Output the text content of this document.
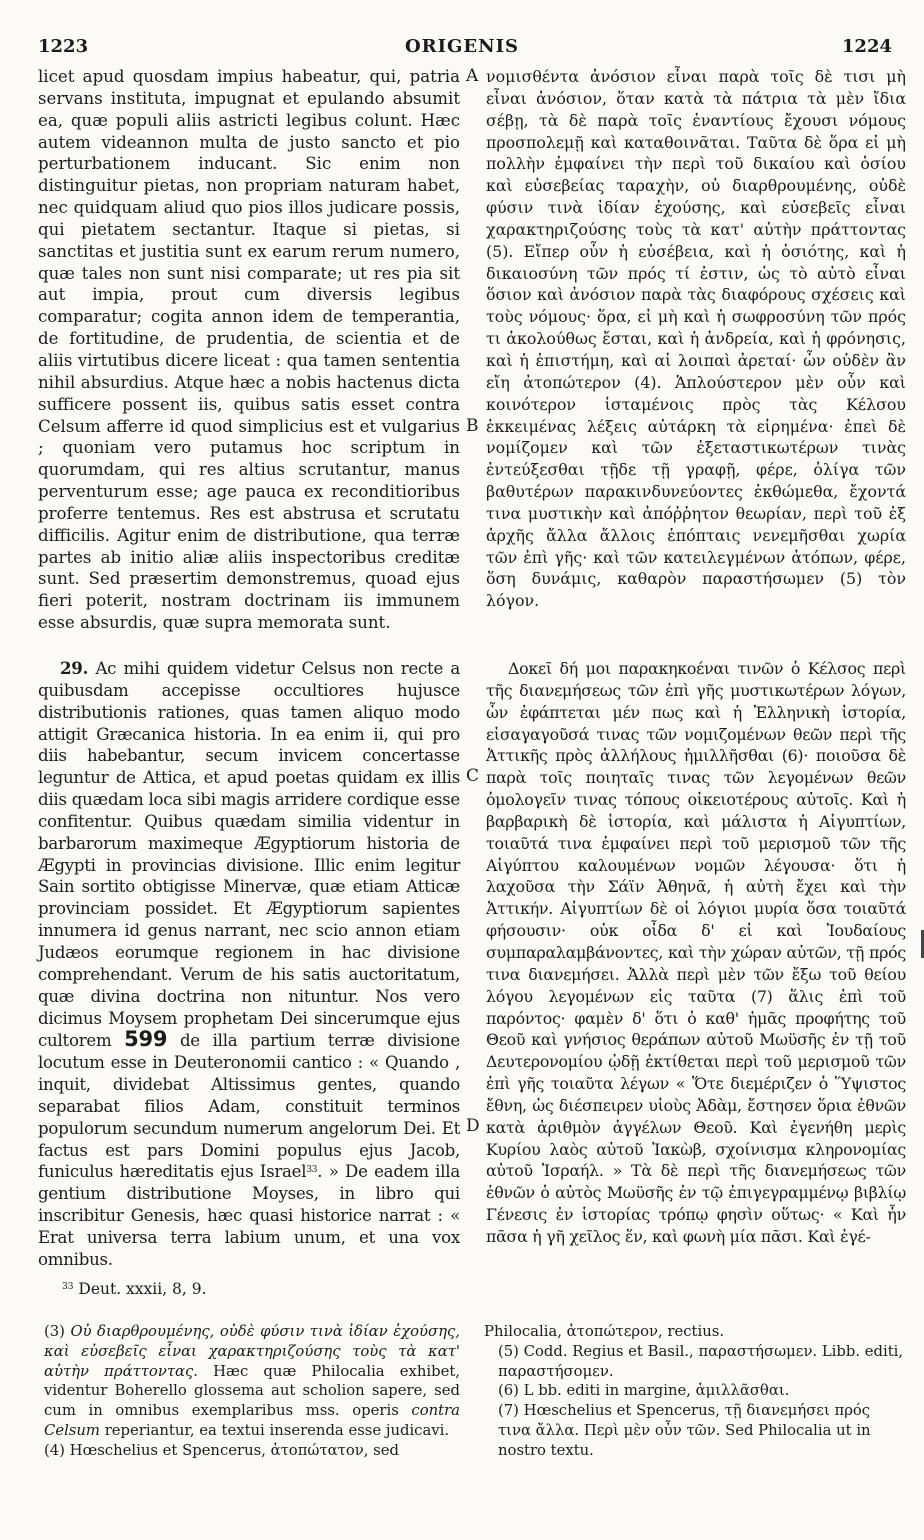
1223	ORIGENIS	1224

licet apud quosdam impius habeatur, qui, patria servans instituta, impugnat et epulando absumit ea, quæ populi aliis astricti legibus colunt. Hæc autem videannon multa de justo sancto et pio perturbationem inducant. Sic enim non distinguitur pietas, non propriam naturam habet, nec quidquam aliud quo pios illos judicare possis, qui pietatem sectantur. Itaque si pietas, si sanctitas et justitia sunt ex earum rerum numero, quæ tales non sunt nisi comparate; ut res pia sit aut impia, prout cum diversis legibus comparatur; cogita annon idem de temperantia, de fortitudine, de prudentia, de scientia et de aliis virtutibus dicere liceat : qua tamen sententia nihil absurdius. Atque hæc a nobis hactenus dicta sufficere possent iis, quibus satis esset contra Celsum afferre id quod simplicius est et vulgarius ; quoniam vero putamus hoc scriptum in quorumdam, qui res altius scrutantur, manus perventurum esse; age pauca ex reconditioribus proferre tentemus. Res est abstrusa et scrutatu difficilis. Agitur enim de distributione, qua terræ partes ab initio aliæ aliis inspectoribus creditæ sunt. Sed præsertim demonstremus, quoad ejus fieri poterit, nostram doctrinam iis immunem esse absurdis, quæ supra memorata sunt.

29. Ac mihi quidem videtur Celsus non recte a quibusdam accepisse occultiores hujusce distributionis rationes, quas tamen aliquo modo attigit Græcanica historia. In ea enim ii, qui pro diis habebantur, secum invicem concertasse leguntur de Attica, et apud poetas quidam ex illis diis quædam loca sibi magis arridere cordique esse confitentur. Quibus quædam similia videntur in barbarorum maximeque Ægyptiorum historia de Ægypti in provincias divisione. Illic enim legitur Sain sortito obtigisse Minervæ, quæ etiam Atticæ provinciam possidet. Et Ægyptiorum sapientes innumera id genus narrant, nec scio annon etiam Judæos eorumque regionem in hac divisione comprehendant. Verum de his satis auctoritatum, quæ divina doctrina non nituntur. Nos vero dicimus Moysem prophetam Dei sincerumque ejus cultorem 599 de illa partium terræ divisione locutum esse in Deuteronomii cantico : « Quando , inquit, dividebat Altissimus gentes, quando separabat filios Adam, constituit terminos populorum secundum numerum angelorum Dei. Et factus est pars Domini populus ejus Jacob, funiculus hæreditatis ejus Israel$^{33}$. » De eadem illa gentium distributione Moyses, in libro qui inscribitur Genesis, hæc quasi historice narrat : « Erat universa terra labium unum, et una vox omnibus.

νομισθέντα ἀνόσιον εἶναι παρὰ τοῖς δὲ τισι μὴ εἶναι ἀνόσιον, ὅταν κατὰ τὰ πάτρια τὰ μὲν ἴδια σέβῃ, τὰ δὲ παρὰ τοῖς ἐναντίους ἔχουσι νόμους προσπολεμῇ καὶ καταθοινᾶται. Ταῦτα δὲ ὅρα εἰ μὴ πολλὴν ἐμφαίνει τὴν περὶ τοῦ δικαίου καὶ ὁσίου καὶ εὐσεβείας ταραχὴν, οὐ διαρθρουμένης, οὐδὲ φύσιν τινὰ ἰδίαν ἐχούσης, καὶ εὐσεβεῖς εἶναι χαρακτηριζούσης τοὺς τὰ κατ' αὐτὴν πράττοντας (5). Εἴπερ οὖν ἡ εὐσέβεια, καὶ ἡ ὁσιότης, καὶ ἡ δικαιοσύνη τῶν πρός τί ἐστιν, ὡς τὸ αὐτὸ εἶναι ὅσιον καὶ ἀνόσιον παρὰ τὰς διαφόρους σχέσεις καὶ τοὺς νόμους· ὅρα, εἰ μὴ καὶ ἡ σωφροσύνη τῶν πρός τι ἀκολούθως ἔσται, καὶ ἡ ἀνδρεία, καὶ ἡ φρόνησις, καὶ ἡ ἐπιστήμη, καὶ αἱ λοιπαὶ ἀρεταί· ὧν οὐδὲν ἂν εἴη ἀτοπώτερον (4). Ἁπλούστερον μὲν οὖν καὶ κοινότερον ἱσταμένοις πρὸς τὰς Κέλσου ἐκκειμένας λέξεις αὐτάρκη τὰ εἰρημένα· ἐπεὶ δὲ νομίζομεν καὶ τῶν ἐξεταστικωτέρων τινὰς ἐντεύξεσθαι τῇδε τῇ γραφῇ, φέρε, ὀλίγα τῶν βαθυτέρων παρακινδυνεύοντες ἐκθώμεθα, ἔχοντά τινα μυστικὴν καὶ ἀπόῤῥητον θεωρίαν, περὶ τοῦ ἐξ ἀρχῆς ἄλλα ἄλλοις ἐπόπταις νενεμῆσθαι χωρία τῶν ἐπὶ γῆς· καὶ τῶν κατειλεγμένων ἀτόπων, φέρε, ὅση δυνάμις, καθαρὸν παραστήσωμεν (5) τὸν λόγον.

Δοκεῖ δή μοι παρακηκοέναι τινῶν ὁ Κέλσος περὶ τῆς διανεμήσεως τῶν ἐπὶ γῆς μυστικωτέρων λόγων, ὧν ἐφάπτεται μέν πως καὶ ἡ Ἑλληνικὴ ἱστορία, εἰσαγαγοῦσά τινας τῶν νομιζομένων θεῶν περὶ τῆς Ἀττικῆς πρὸς ἀλλήλους ἡμιλλῆσθαι (6)· ποιοῦσα δὲ παρὰ τοῖς ποιηταῖς τινας τῶν λεγομένων θεῶν ὁμολογεῖν τινας τόπους οἰκειοτέρους αὐτοῖς. Καὶ ἡ βαρβαρικὴ δὲ ἱστορία, καὶ μάλιστα ἡ Αἰγυπτίων, τοιαῦτά τινα ἐμφαίνει περὶ τοῦ μερισμοῦ τῶν τῆς Αἰγύπτου καλουμένων νομῶν λέγουσα· ὅτι ἡ λαχοῦσα τὴν Σάϊν Ἀθηνᾶ, ἡ αὐτὴ ἔχει καὶ τὴν Ἀττικήν. Αἰγυπτίων δὲ οἱ λόγιοι μυρία ὅσα τοιαῦτά φήσουσιν· οὐκ οἶδα δ' εἰ καὶ Ἰουδαίους συμπαραλαμβάνοντες, καὶ τὴν χώραν αὐτῶν, τῇ πρός τινα διανεμήσει. Ἀλλὰ περὶ μὲν τῶν ἔξω τοῦ θείου λόγου λεγομένων εἰς ταῦτα (7) ἅλις ἐπὶ τοῦ παρόντος· φαμὲν δ' ὅτι ὁ καθ' ἡμᾶς προφήτης τοῦ Θεοῦ καὶ γνήσιος θεράπων αὐτοῦ Μωϋσῆς ἐν τῇ τοῦ Δευτερονομίου ᾠδῇ ἐκτίθεται περὶ τοῦ μερισμοῦ τῶν ἐπὶ γῆς τοιαῦτα λέγων « Ὅτε διεμέριζεν ὁ Ὕψιστος ἔθνη, ὡς διέσπειρεν υἱοὺς Ἀδὰμ, ἔστησεν ὅρια ἐθνῶν κατὰ ἀριθμὸν ἀγγέλων Θεοῦ. Καὶ ἐγενήθη μερὶς Κυρίου λαὸς αὐτοῦ Ἰακὼβ, σχοίνισμα κληρονομίας αὐτοῦ Ἰσραήλ. » Τὰ δὲ περὶ τῆς διανεμήσεως τῶν ἐθνῶν ὁ αὐτὸς Μωϋσῆς ἐν τῷ ἐπιγεγραμμένῳ βιβλίῳ Γένεσις ἐν ἱστορίας τρόπῳ φησὶν οὕτως· « Καὶ ἦν πᾶσα ἡ γῆ χεῖλος ἕν, καὶ φωνὴ μία πᾶσι. Καὶ ἐγέ-

A
B
C
D
$^{33}$ Deut. xxxii, 8, 9.

(3) Οὐ διαρθρουμένης, οὐδὲ φύσιν τινὰ ἰδίαν ἐχούσης, καὶ εὐσεβεῖς εἶναι χαρακτηριζούσης τοὺς τὰ κατ' αὐτὴν πράττοντας. Hæc quæ Philocalia exhibet, videntur Boherello glossema aut scholion sapere, sed cum in omnibus exemplaribus mss. operis contra Celsum reperiantur, ea textui inserenda esse judicavi.

(4) Hœschelius et Spencerus, ἀτοπώτατον, sed

Philocalia, ἀτοπώτερον, rectius.

(5) Codd. Regius et Basil., παραστήσωμεν. Libb. editi, παραστήσομεν.

(6) L bb. editi in margine, ἁμιλλᾶσθαι.

(7) Hœschelius et Spencerus, τῇ διανεμήσει πρός τινα ἄλλα. Περὶ μὲν οὖν τῶν. Sed Philocalia ut in nostro textu.
